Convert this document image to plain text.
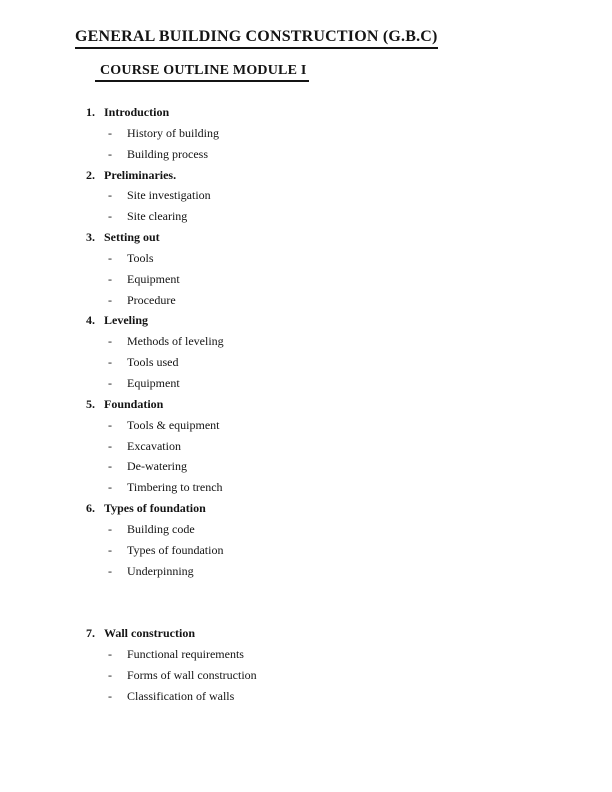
GENERAL BUILDING CONSTRUCTION (G.B.C)
COURSE OUTLINE MODULE I
1. Introduction
-	History of building
-	Building process
2. Preliminaries.
-	Site investigation
-	Site clearing
3. Setting out
-	Tools
-	Equipment
-	Procedure
4. Leveling
-	Methods of leveling
-	Tools used
-	Equipment
5. Foundation
-	Tools & equipment
-	Excavation
-	De-watering
-	Timbering to trench
6. Types of foundation
-	Building code
-	Types of foundation
-	Underpinning
7. Wall construction
-	Functional requirements
-	Forms of wall construction
-	Classification of walls
